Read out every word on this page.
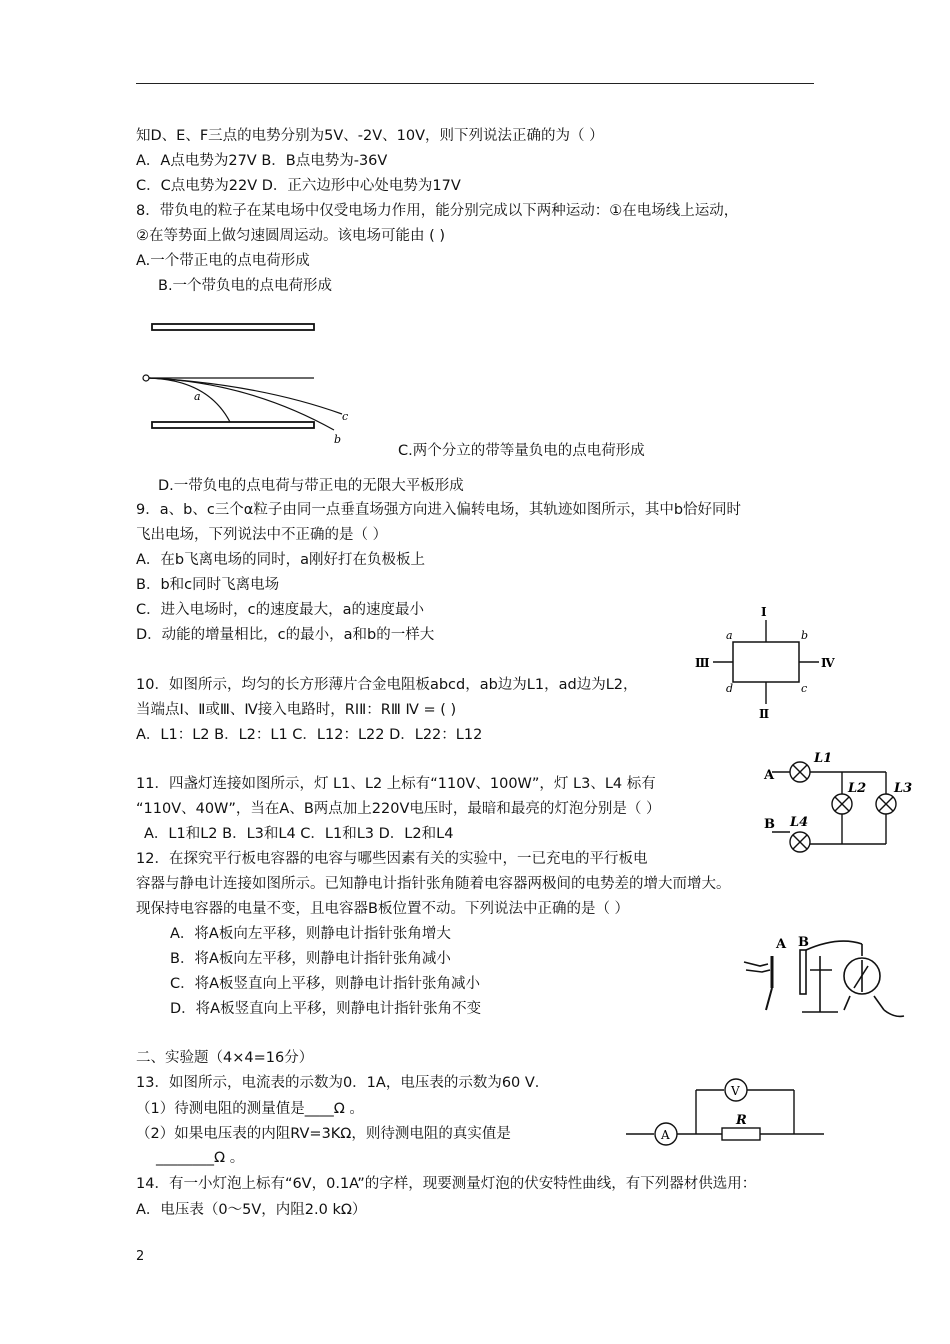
知D、E、F三点的电势分别为5V、-2V、10V，则下列说法正确的为（ ）
A．A点电势为27V B．B点电势为-36V
C．C点电势为22V D．正六边形中心处电势为17V
8．带负电的粒子在某电场中仅受电场力作用，能分别完成以下两种运动：①在电场线上运动，
②在等势面上做匀速圆周运动。该电场可能由 ( )
A.一个带正电的点电荷形成
B.一个带负电的点电荷形成
C.两个分立的带等量负电的点电荷形成
D.一带负电的点电荷与带正电的无限大平板形成
9．a、b、c三个α粒子由同一点垂直场强方向进入偏转电场，其轨迹如图所示，其中b恰好同时
飞出电场，下列说法中不正确的是（ ）
A．在b飞离电场的同时，a刚好打在负极板上
B．b和c同时飞离电场
C．进入电场时，c的速度最大，a的速度最小
D．动能的增量相比，c的最小，a和b的一样大
10．如图所示，均匀的长方形薄片合金电阻板abcd，ab边为L1，ad边为L2，
当端点Ⅰ、Ⅱ或Ⅲ、Ⅳ接入电路时，RⅠⅡ：RⅢ Ⅳ = ( )
A．L1：L2 B．L2：L1 C．L12：L22 D．L22：L12
11．四盏灯连接如图所示，灯 L1、L2 上标有“110V、100W”，灯 L3、L4 标有
“110V、40W”，当在A、B两点加上220V电压时，最暗和最亮的灯泡分别是（ ）
A．L1和L2 B．L3和L4 C．L1和L3 D．L2和L4
12．在探究平行板电容器的电容与哪些因素有关的实验中，一已充电的平行板电
容器与静电计连接如图所示。已知静电计指针张角随着电容器两极间的电势差的增大而增大。
现保持电容器的电量不变，且电容器B板位置不动。下列说法中正确的是（ ）
A．将A板向左平移，则静电计指针张角增大
B．将A板向左平移，则静电计指针张角减小
C．将A板竖直向上平移，则静电计指针张角减小
D．将A板竖直向上平移，则静电计指针张角不变
二、实验题（4×4=16分）
13．如图所示，电流表的示数为0．1A，电压表的示数为60 V．
（1）待测电阻的测量值是____Ω 。
（2）如果电压表的内阻RV=3KΩ，则待测电阻的真实值是
________Ω 。
14．有一小灯泡上标有“6V，0.1A”的字样，现要测量灯泡的伏安特性曲线，有下列器材供选用：
A．电压表（0～5V，内阻2.0 kΩ）
a
c
b
Ⅰ
Ⅱ
Ⅲ	Ⅳ
a	b
c
d
A
B
L1
L2 L3
L4
A B
V
A
R
2
